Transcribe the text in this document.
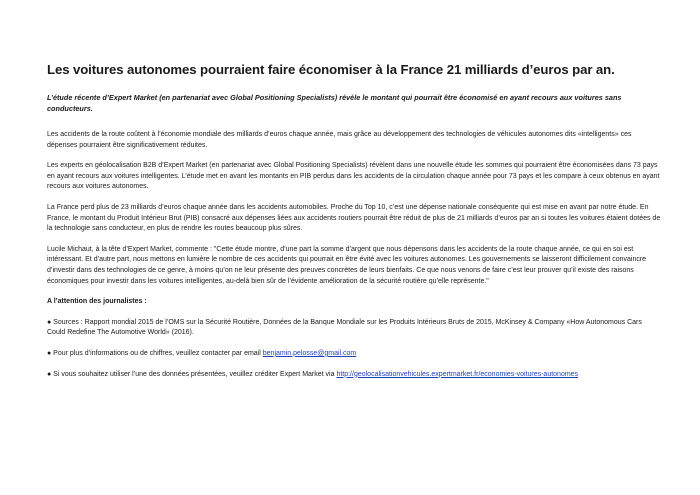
Les voitures autonomes pourraient faire économiser à la France 21 milliards d’euros par an.

L’étude récente d’Expert Market (en partenariat avec Global Positioning Specialists) révèle le montant qui pourrait être économisé en ayant recours aux voitures sans conducteurs.

Les accidents de la route coûtent à l’économie mondiale des milliards d’euros chaque année, mais grâce au développement des technologies de véhicules autonomes dits «intelligents» ces dépenses pourraient être significativement réduites.

Les experts en géolocalisation B2B d’Expert Market (en partenariat avec Global Positioning Specialists) révèlent dans une nouvelle étude les sommes qui pourraient être économisées dans 73 pays en ayant recours aux voitures intelligentes. L’étude met en avant les montants en PIB perdus dans les accidents de la circulation chaque année pour 73 pays et les compare à ceux obtenus en ayant recours aux voitures autonomes.

La France perd plus de 23 milliards d’euros chaque année dans les accidents automobiles. Proche du Top 10, c’est une dépense nationale conséquente qui est mise en avant par notre étude. En France, le montant du Produit Intérieur Brut (PIB) consacré aux dépenses liées aux accidents routiers pourrait être réduit de plus de 21 milliards d’euros par an si toutes les voitures étaient dotées de la technologie sans conducteur, en plus de rendre les routes beaucoup plus sûres.

Lucile Michaut, à la tête d’Expert Market, commente : "Cette étude montre, d’une part la somme d’argent que nous dépensons dans les accidents de la route chaque année, ce qui en soi est intéressant. Et d’autre part, nous mettons en lumière le nombre de ces accidents qui pourrait en être évité avec les voitures autonomes. Les gouvernements se laisseront difficilement convaincre d’investir dans des technologies de ce genre, à moins qu’on ne leur présente des preuves concrètes de leurs bienfaits. Ce que nous venons de faire c’est leur prouver qu’il existe des raisons économiques pour investir dans les voitures intelligentes, au-delà bien sûr de l’évidente amélioration de la sécurité routière qu’elle représente."

A l’attention des journalistes :

● Sources : Rapport mondial 2015 de l’OMS sur la Sécurité Routière, Données de la Banque Mondiale sur les Produits Intérieurs Bruts de 2015, McKinsey & Company «How Autonomous Cars Could Redefine The Automotive World» (2016).

● Pour plus d’informations ou de chiffres, veuillez contacter par email benjamin.pelosse@gmail.com

● Si vous souhaitez utiliser l’une des données présentées, veuillez créditer Expert Market via http://geolocalisationvehicules.expertmarket.fr/economies-voitures-autonomes
